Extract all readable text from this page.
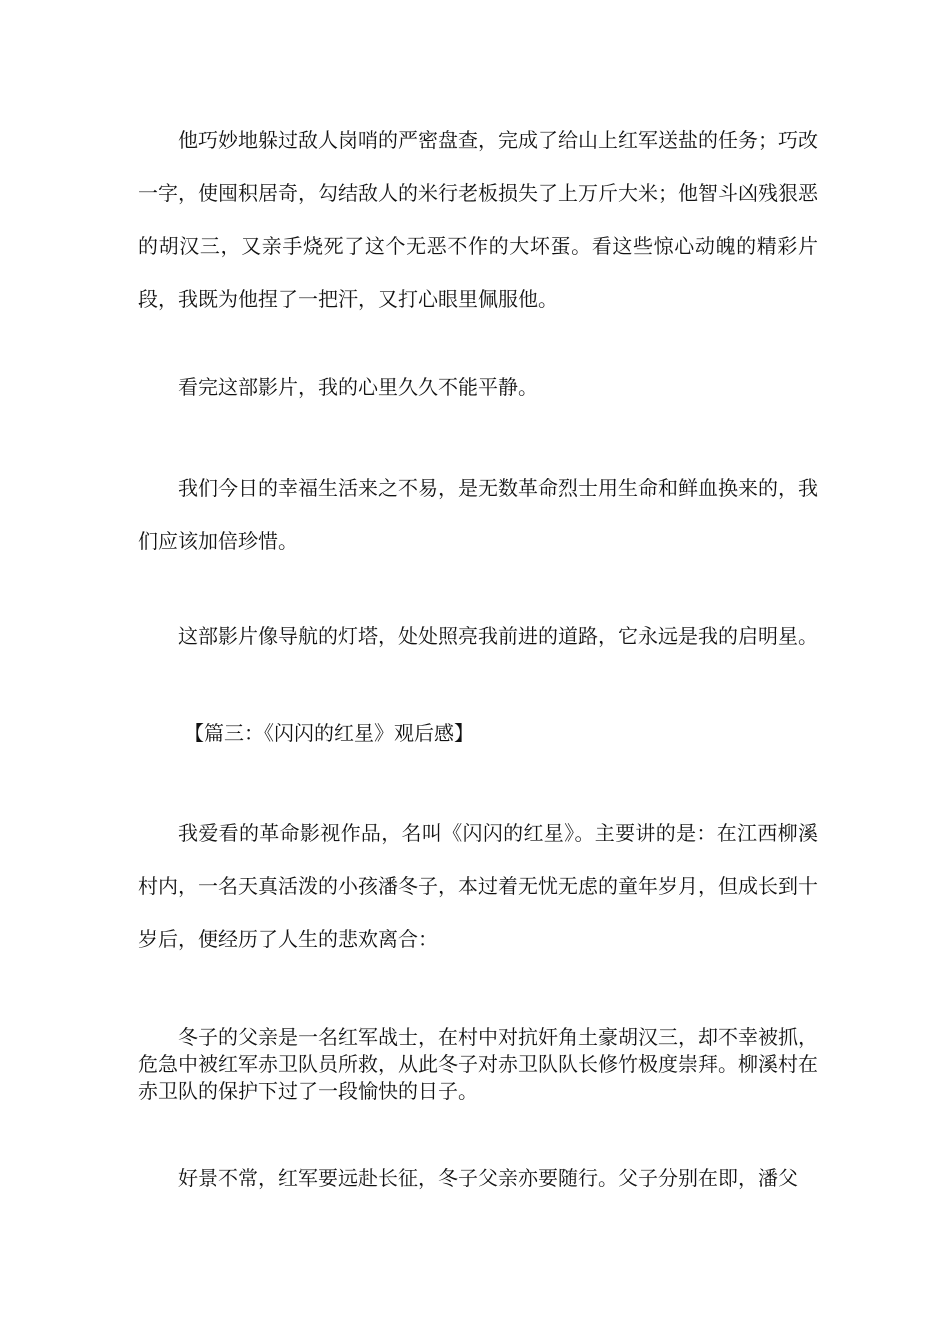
他巧妙地躲过敌人岗哨的严密盘查，完成了给山上红军送盐的任务；巧改一字，使囤积居奇，勾结敌人的米行老板损失了上万斤大米；他智斗凶残狠恶的胡汉三，又亲手烧死了这个无恶不作的大坏蛋。看这些惊心动魄的精彩片段，我既为他捏了一把汗，又打心眼里佩服他。

看完这部影片，我的心里久久不能平静。

我们今日的幸福生活来之不易，是无数革命烈士用生命和鲜血换来的，我们应该加倍珍惜。

这部影片像导航的灯塔，处处照亮我前进的道路，它永远是我的启明星。

【篇三：《闪闪的红星》观后感】

我爱看的革命影视作品，名叫《闪闪的红星》。主要讲的是：在江西柳溪村内，一名天真活泼的小孩潘冬子，本过着无忧无虑的童年岁月，但成长到十岁后，便经历了人生的悲欢离合：

冬子的父亲是一名红军战士，在村中对抗奸角土豪胡汉三，却不幸被抓，危急中被红军赤卫队员所救，从此冬子对赤卫队队长修竹极度崇拜。柳溪村在赤卫队的保护下过了一段愉快的日子。

好景不常，红军要远赴长征，冬子父亲亦要随行。父子分别在即，潘父
